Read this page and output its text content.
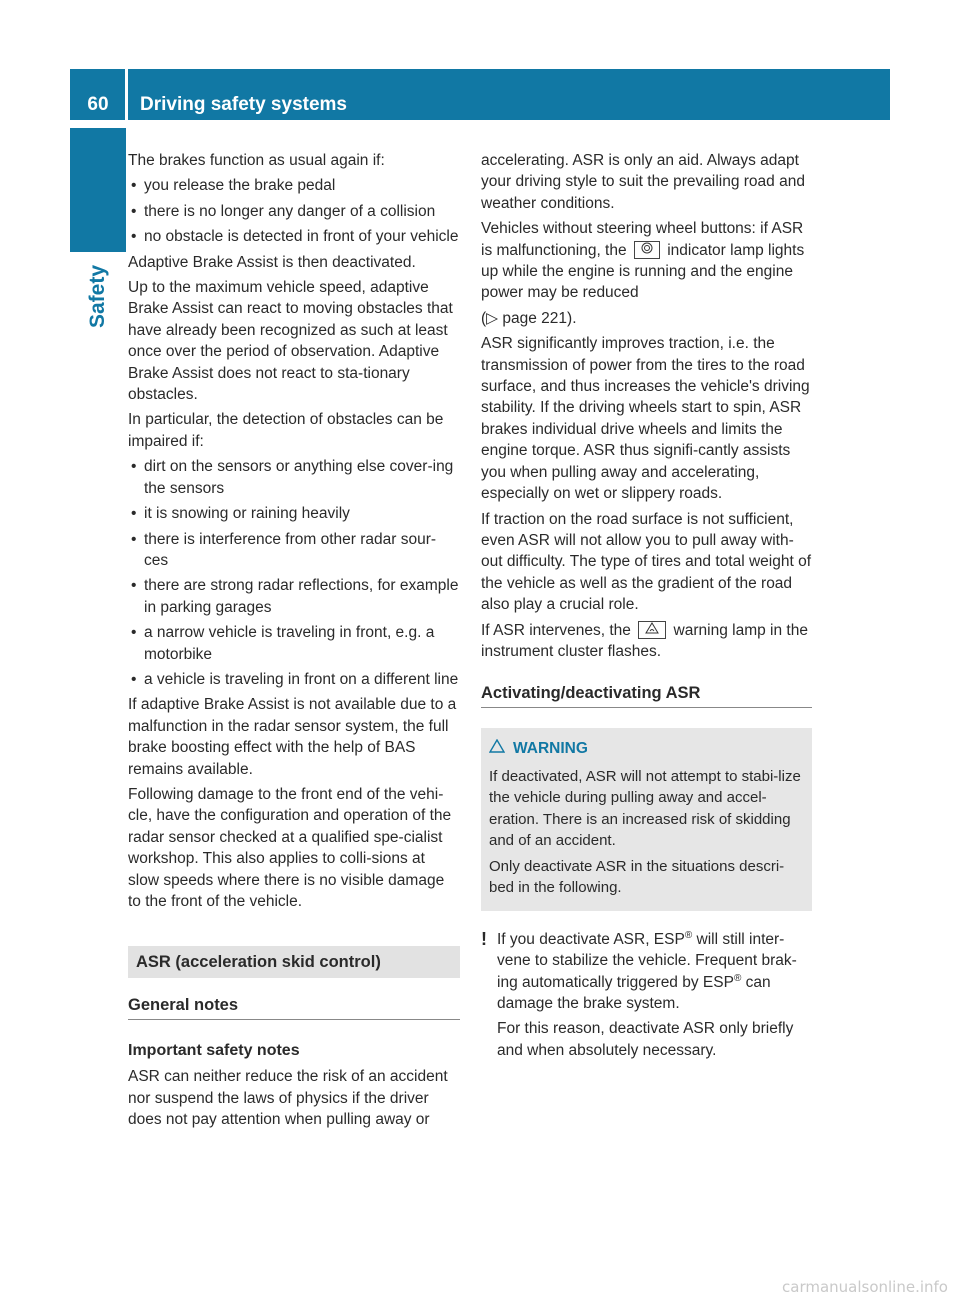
60	Driving safety systems
Safety

The brakes function as usual again if:

• you release the brake pedal
• there is no longer any danger of a collision
• no obstacle is detected in front of your vehicle

Adaptive Brake Assist is then deactivated.

Up to the maximum vehicle speed, adaptive Brake Assist can react to moving obstacles that have already been recognized as such at least once over the period of observation. Adaptive Brake Assist does not react to sta-tionary obstacles.

In particular, the detection of obstacles can be impaired if:

• dirt on the sensors or anything else cover-ing the sensors
• it is snowing or raining heavily
• there is interference from other radar sour-ces
• there are strong radar reflections, for example in parking garages
• a narrow vehicle is traveling in front, e.g. a motorbike
• a vehicle is traveling in front on a different line

If adaptive Brake Assist is not available due to a malfunction in the radar sensor system, the full brake boosting effect with the help of BAS remains available.

Following damage to the front end of the vehi-cle, have the configuration and operation of the radar sensor checked at a qualified spe-cialist workshop. This also applies to colli-sions at slow speeds where there is no visible damage to the front of the vehicle.

ASR (acceleration skid control)
General notes
Important safety notes

ASR can neither reduce the risk of an accident nor suspend the laws of physics if the driver does not pay attention when pulling away or

accelerating. ASR is only an aid. Always adapt your driving style to suit the prevailing road and weather conditions.

Vehicles without steering wheel buttons: if ASR is malfunctioning, the	indicator lamp lights up while the engine is running and the engine power may be reduced

(▷ page 221).

ASR significantly improves traction, i.e. the transmission of power from the tires to the road surface, and thus increases the vehicle's driving stability. If the driving wheels start to spin, ASR brakes individual drive wheels and limits the engine torque. ASR thus signifi-cantly assists you when pulling away and accelerating, especially on wet or slippery roads.

If traction on the road surface is not sufficient, even ASR will not allow you to pull away with-out difficulty. The type of tires and total weight of the vehicle as well as the gradient of the road also play a crucial role.

If ASR intervenes, the	warning lamp in the instrument cluster flashes.

Activating/deactivating ASR
WARNING

If deactivated, ASR will not attempt to stabi-lize the vehicle during pulling away and accel-eration. There is an increased risk of skidding and of an accident.

Only deactivate ASR in the situations descri-bed in the following.

! If you deactivate ASR, ESP® will still inter-vene to stabilize the vehicle. Frequent brak-ing automatically triggered by ESP® can damage the brake system.

For this reason, deactivate ASR only briefly and when absolutely necessary.

carmanualsonline.info
